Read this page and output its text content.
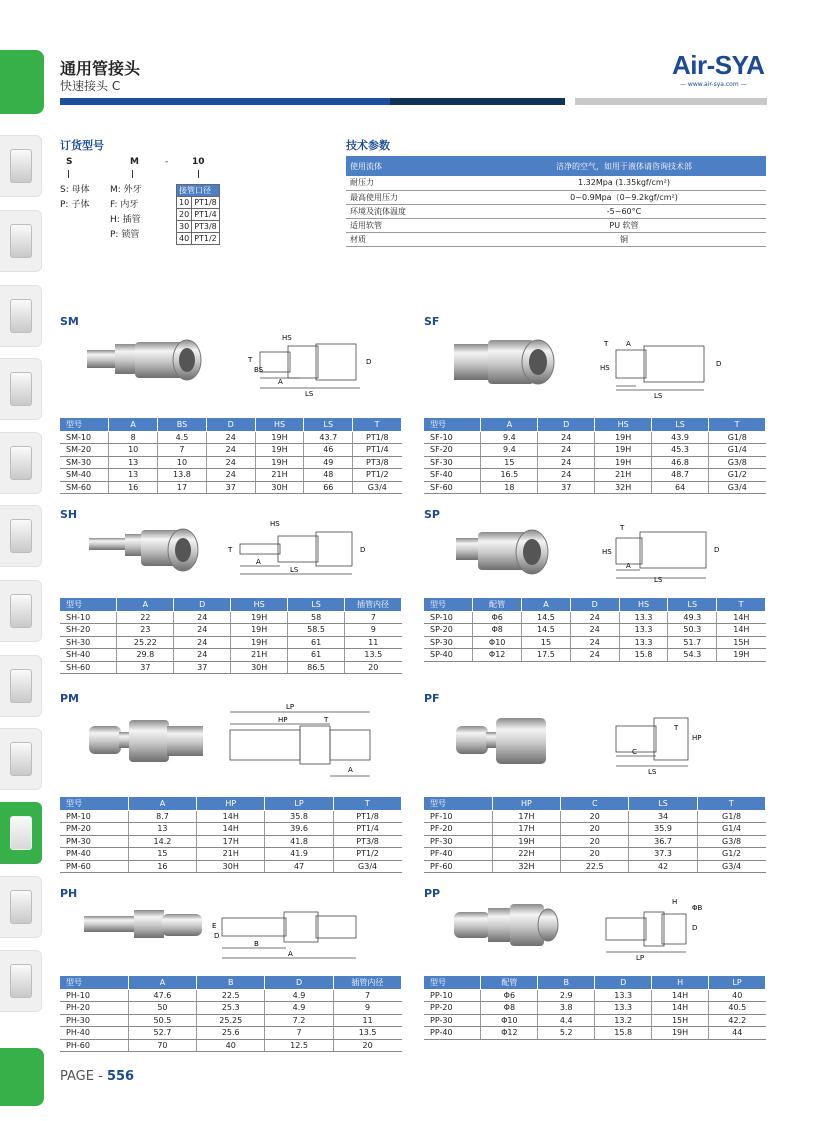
通用管接头
快速接头 C
Air-SYA
— www.air-sya.com —
订货型号
S	M	-	10
S: 母体
P: 子体
M: 外牙
F: 内牙
H: 插管
P: 锁管
接管口径	
10	PT1/8
20	PT1/4
30	PT3/8
40	PT1/2
技术参数
使用流体	洁净的空气，如用于液体请咨询技术部
耐压力	1.32Mpa (1.35kgf/cm²)
最高使用压力	0~0.9Mpa（0~9.2kgf/cm²)
环境及流体温度	-5~60°C
适用软管	PU 软管
材质	铜
SM
HS
T
BS
A
LS
D
型号	A	BS	D	HS	LS	T
SM-10	8	4.5	24	19H	43.7	PT1/8
SM-20	10	7	24	19H	46	PT1/4
SM-30	13	10	24	19H	49	PT3/8
SM-40	13	13.8	24	21H	48	PT1/2
SM-60	16	17	37	30H	66	G3/4
SF
T	A
HS
LS
D
型号	A	D	HS	LS	T
SF-10	9.4	24	19H	43.9	G1/8
SF-20	9.4	24	19H	45.3	G1/4
SF-30	15	24	19H	46.8	G3/8
SF-40	16.5	24	21H	48.7	G1/2
SF-60	18	37	32H	64	G3/4
SH
HS
T
A
LS
D
型号	A	D	HS	LS	插管内径
SH-10	22	24	19H	58	7
SH-20	23	24	19H	58.5	9
SH-30	25.22	24	19H	61	11
SH-40	29.8	24	21H	61	13.5
SH-60	37	37	30H	86.5	20
SP
T
HS
A
LS
D
型号	配管	A	D	HS	LS	T
SP-10	Φ6	14.5	24	13.3	49.3	14H
SP-20	Φ8	14.5	24	13.3	50.3	14H
SP-30	Φ10	15	24	13.3	51.7	15H
SP-40	Φ12	17.5	24	15.8	54.3	19H
PM
LP
HP	T
A
型号	A	HP	LP	T
PM-10	8.7	14H	35.8	PT1/8
PM-20	13	14H	39.6	PT1/4
PM-30	14.2	17H	41.8	PT3/8
PM-40	15	21H	41.9	PT1/2
PM-60	16	30H	47	G3/4
PF
T
HP
C
LS
型号	HP	C	LS	T
PF-10	17H	20	34	G1/8
PF-20	17H	20	35.9	G1/4
PF-30	19H	20	36.7	G3/8
PF-40	22H	20	37.3	G1/2
PF-60	32H	22.5	42	G3/4
PH
E
D
B
A
型号	A	B	D	插管内径
PH-10	47.6	22.5	4.9	7
PH-20	50	25.3	4.9	9
PH-30	50.5	25.25	7.2	11
PH-40	52.7	25.6	7	13.5
PH-60	70	40	12.5	20
PP
H
ΦB
D
LP
型号	配管	B	D	H	LP
PP-10	Φ6	2.9	13.3	14H	40
PP-20	Φ8	3.8	13.3	14H	40.5
PP-30	Φ10	4.4	13.2	15H	42.2
PP-40	Φ12	5.2	15.8	19H	44
PAGE - 556
